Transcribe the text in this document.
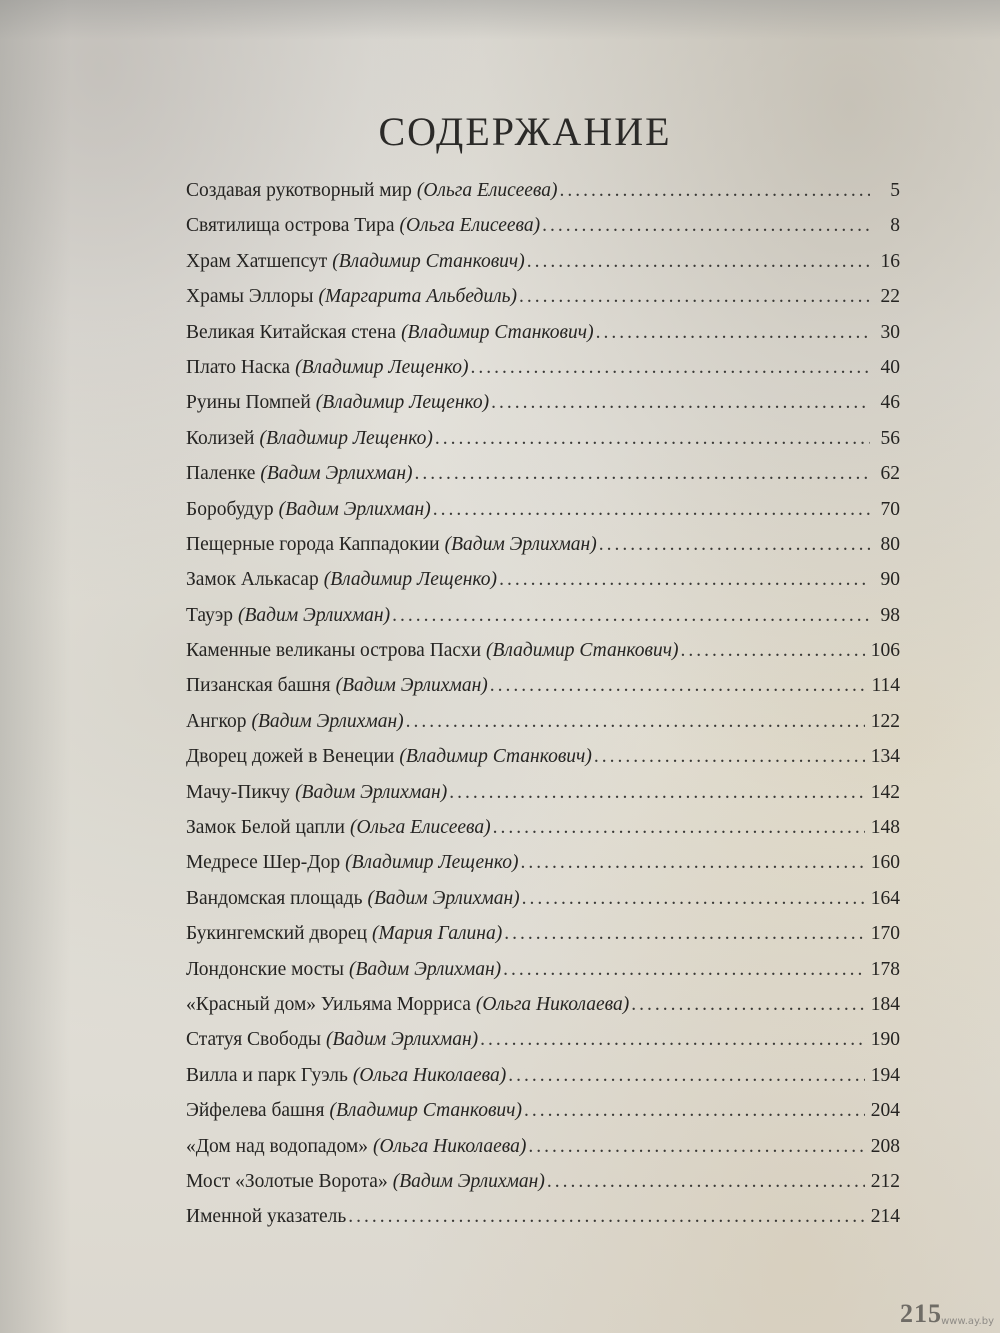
СОДЕРЖАНИЕ
Создавая рукотворный мир (Ольга Елисеева) .....	5
Святилища острова Тира (Ольга Елисеева) .....	8
Храм Хатшепсут (Владимир Станкович) .....	16
Храмы Эллоры (Маргарита Альбедиль) .....	22
Великая Китайская стена (Владимир Станкович) .....	30
Плато Наска (Владимир Лещенко) .....	40
Руины Помпей (Владимир Лещенко) .....	46
Колизей (Владимир Лещенко) .....	56
Паленке (Вадим Эрлихман) .....	62
Боробудур (Вадим Эрлихман) .....	70
Пещерные города Каппадокии (Вадим Эрлихман) .....	80
Замок Алькасар (Владимир Лещенко) .....	90
Тауэр (Вадим Эрлихман) .....	98
Каменные великаны острова Пасхи (Владимир Станкович) .....	106
Пизанская башня (Вадим Эрлихман) .....	114
Ангкор (Вадим Эрлихман) .....	122
Дворец дожей в Венеции (Владимир Станкович) .....	134
Мачу-Пикчу (Вадим Эрлихман) .....	142
Замок Белой цапли (Ольга Елисеева) .....	148
Медресе Шер-Дор (Владимир Лещенко) .....	160
Вандомская площадь (Вадим Эрлихман) .....	164
Букингемский дворец (Мария Галина) .....	170
Лондонские мосты (Вадим Эрлихман) .....	178
«Красный дом» Уильяма Морриса (Ольга Николаева) .....	184
Статуя Свободы (Вадим Эрлихман) .....	190
Вилла и парк Гуэль (Ольга Николаева) .....	194
Эйфелева башня (Владимир Станкович) .....	204
«Дом над водопадом» (Ольга Николаева) .....	208
Мост «Золотые Ворота» (Вадим Эрлихман) .....	212
Именной указатель .....	214
215 www.ay.by
